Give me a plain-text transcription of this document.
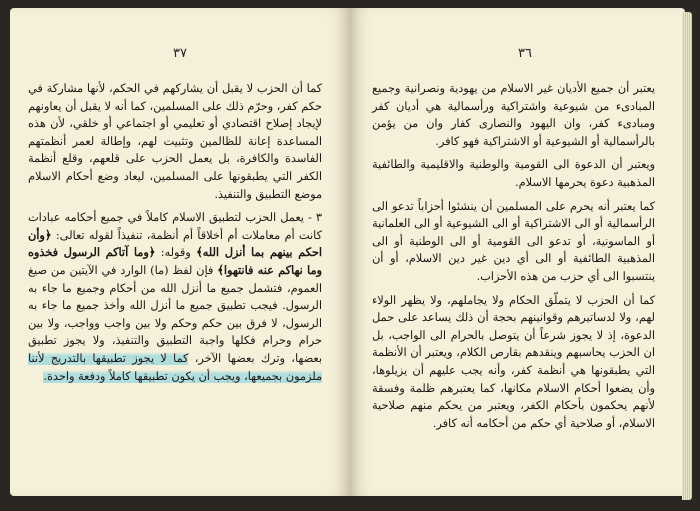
٣٧

كما أن الحزب لا يقبل أن يشاركهم في الحكم، لأنها مشاركة في حكم كفر، وحرّم ذلك على المسلمين، كما أنه لا يقبل أن يعاونهم لإيجاد إصلاح اقتصادي أو تعليمي أو اجتماعي أو خلقي، لأن هذه المساعدة إعانة للظالمين وتثبيت لهم، وإطالة لعمر أنظمتهم الفاسدة والكافرة، بل يعمل الحزب على قلعهم، وقلع أنظمة الكفر التي يطبقونها على المسلمين، ليعاد وضع أحكام الاسلام موضع التطبيق والتنفيذ.

٣ - يعمل الحزب لتطبيق الاسلام كاملاً في جميع أحكامه عبادات كانت أم معاملات أم أخلاقاً أم أنظمة، تنفيذاً لقوله تعالى: ﴿وأن احكم بينهم بما أنزل الله﴾ وقوله: ﴿وما آتاكم الرسول فخذوه وما نهاكم عنه فانتهوا﴾ فإن لفظ (ما) الوارد في الآيتين من صيغ العموم، فتشمل جميع ما أنزل الله من أحكام وجميع ما جاء به الرسول. فيجب تطبيق جميع ما أنزل الله وأخذ جميع ما جاء به الرسول، لا فرق بين حكم وحكم ولا بين واجب وواجب، ولا بين حرام وحرام فكلها واجبة التطبيق والتنفيذ، ولا يجوز تطبيق بعضها، وترك بعضها الآخر، كما لا يجوز تطبيقها بالتدريج لأننا ملزمون بجميعها، ويجب أن يكون تطبيقها كاملاً ودفعة واحدة.

٣٦

يعتبر أن جميع الأديان غير الاسلام من يهودية ونصرانية وجميع المبادىء من شيوعية واشتراكية ورأسمالية هي أديان كفر ومبادىء كفر، وان اليهود والنصارى كفار وان من يؤمن بالرأسمالية أو الشيوعية أو الاشتراكية فهو كافر.

ويعتبر أن الدعوة الى القومية والوطنية والاقليمية والطائفية المذهبية دعوة يحرمها الاسلام.

كما يعتبر أنه يحرم على المسلمين أن ينشئوا أحزاباً تدعو الى الرأسمالية أو الى الاشتراكية أو الى الشيوعية أو الى العلمانية أو الماسونية، أو تدعو الى القومية أو الى الوطنية أو الى المذهبية الطائفية أو الى أي دين غير دين الاسلام، أو أن ينتسبوا الى أي حزب من هذه الأحزاب.

كما أن الحزب لا يتملّق الحكام ولا يجاملهم، ولا يظهر الولاء لهم، ولا لدساتيرهم وقوانينهم بحجة أن ذلك يساعد على حمل الدعوة، إذ لا يجوز شرعاً أن يتوصل بالحرام الى الواجب، بل ان الحزب يحاسبهم وينقدهم بقارص الكلام، ويعتبر أن الأنظمة التي يطبقونها هي أنظمة كفر، وأنه يجب عليهم أن يزيلوها، وأن يضعوا أحكام الاسلام مكانها، كما يعتبرهم ظلمة وفسقة لأنهم يحكمون بأحكام الكفر، ويعتبر من يحكم منهم صلاحية الاسلام، أو صلاحية أي حكم من أحكامه أنه كافر.
